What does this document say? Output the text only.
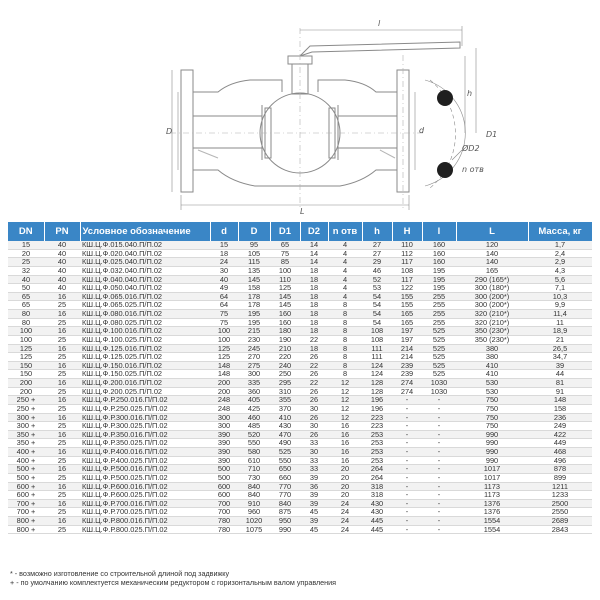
l
L
D	d
h
D1
ØD2
n отв
DN	PN	Условное обозначение	d	D	D1	D2	n отв	h	H	l	L	Масса, кг
15	40	КШ.Ц.Ф.015.040.П/П.02	15	95	65	14	4	27	110	160	120	1,7
20	40	КШ.Ц.Ф.020.040.П/П.02	18	105	75	14	4	27	112	160	140	2,4
25	40	КШ.Ц.Ф.025.040.П/П.02	24	115	85	14	4	29	117	160	140	2,9
32	40	КШ.Ц.Ф.032.040.П/П.02	30	135	100	18	4	46	108	195	165	4,3
40	40	КШ.Ц.Ф.040.040.П/П.02	40	145	110	18	4	52	117	195	290 (165*)	5,6
50	40	КШ.Ц.Ф.050.040.П/П.02	49	158	125	18	4	53	122	195	300 (180*)	7,1
65	16	КШ.Ц.Ф.065.016.П/П.02	64	178	145	18	4	54	155	255	300 (200*)	10,3
65	25	КШ.Ц.Ф.065.025.П/П.02	64	178	145	18	8	54	155	255	300 (200*)	9,9
80	16	КШ.Ц.Ф.080.016.П/П.02	75	195	160	18	8	54	165	255	320 (210*)	11,4
80	25	КШ.Ц.Ф.080.025.П/П.02	75	195	160	18	8	54	165	255	320 (210*)	11
100	16	КШ.Ц.Ф.100.016.П/П.02	100	215	180	18	8	108	197	525	350 (230*)	18,9
100	25	КШ.Ц.Ф.100.025.П/П.02	100	230	190	22	8	108	197	525	350 (230*)	21
125	16	КШ.Ц.Ф.125.016.П/П.02	125	245	210	18	8	111	214	525	380	26,5
125	25	КШ.Ц.Ф.125.025.П/П.02	125	270	220	26	8	111	214	525	380	34,7
150	16	КШ.Ц.Ф.150.016.П/П.02	148	275	240	22	8	124	239	525	410	39
150	25	КШ.Ц.Ф.150.025.П/П.02	148	300	250	26	8	124	239	525	410	44
200	16	КШ.Ц.Ф.200.016.П/П.02	200	335	295	22	12	128	274	1030	530	81
200	25	КШ.Ц.Ф.200.025.П/П.02	200	360	310	26	12	128	274	1030	530	91
250 +	16	КШ.Ц.Ф.Р.250.016.П/П.02	248	405	355	26	12	196	-	-	750	148
250 +	25	КШ.Ц.Ф.Р.250.025.П/П.02	248	425	370	30	12	196	-	-	750	158
300 +	16	КШ.Ц.Ф.Р.300.016.П/П.02	300	460	410	26	12	223	-	-	750	236
300 +	25	КШ.Ц.Ф.Р.300.025.П/П.02	300	485	430	30	16	223	-	-	750	249
350 +	16	КШ.Ц.Ф.Р.350.016.П/П.02	390	520	470	26	16	253	-	-	990	422
350 +	25	КШ.Ц.Ф.Р.350.025.П/П.02	390	550	490	33	16	253	-	-	990	449
400 +	16	КШ.Ц.Ф.Р.400.016.П/П.02	390	580	525	30	16	253	-	-	990	468
400 +	25	КШ.Ц.Ф.Р.400.025.П/П.02	390	610	550	33	16	253	-	-	990	496
500 +	16	КШ.Ц.Ф.Р.500.016.П/П.02	500	710	650	33	20	264	-	-	1017	878
500 +	25	КШ.Ц.Ф.Р.500.025.П/П.02	500	730	660	39	20	264	-	-	1017	899
600 +	16	КШ.Ц.Ф.Р.600.016.П/П.02	600	840	770	36	20	318	-	-	1173	1211
600 +	25	КШ.Ц.Ф.Р.600.025.П/П.02	600	840	770	39	20	318	-	-	1173	1233
700 +	16	КШ.Ц.Ф.Р.700.016.П/П.02	700	910	840	39	24	430	-	-	1376	2500
700 +	25	КШ.Ц.Ф.Р.700.025.П/П.02	700	960	875	45	24	430	-	-	1376	2550
800 +	16	КШ.Ц.Ф.Р.800.016.П/П.02	780	1020	950	39	24	445	-	-	1554	2689
800 +	25	КШ.Ц.Ф.Р.800.025.П/П.02	780	1075	990	45	24	445	-	-	1554	2843
* - возможно изготовление со строительной длиной под задвижку
+ - по умолчанию комплектуется механическим редуктором с горизонтальным валом управления
